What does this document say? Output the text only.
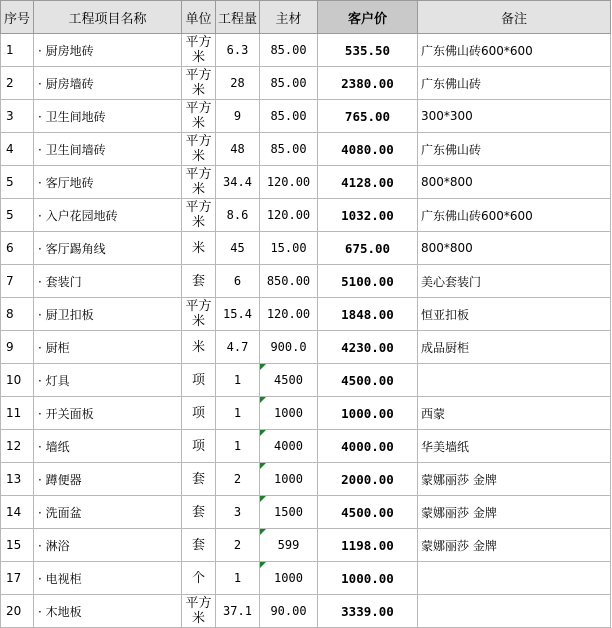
序号	工程项目名称	单位	工程量	主材	客户价	备注
1	· 厨房地砖	平方米	6.3	85.00	535.50	广东佛山砖600*600
2	· 厨房墙砖	平方米	28	85.00	2380.00	广东佛山砖
3	· 卫生间地砖	平方米	9	85.00	765.00	300*300
4	· 卫生间墙砖	平方米	48	85.00	4080.00	广东佛山砖
5	· 客厅地砖	平方米	34.4	120.00	4128.00	800*800
5	· 入户花园地砖	平方米	8.6	120.00	1032.00	广东佛山砖600*600
6	· 客厅踢角线	米	45	15.00	675.00	800*800
7	· 套装门	套	6	850.00	5100.00	美心套装门
8	· 厨卫扣板	平方米	15.4	120.00	1848.00	恒亚扣板
9	· 厨柜	米	4.7	900.0	4230.00	成品厨柜
10	· 灯具	项	1	4500	4500.00	
11	· 开关面板	项	1	1000	1000.00	西蒙
12	· 墙纸	项	1	4000	4000.00	华美墙纸
13	· 蹲便器	套	2	1000	2000.00	蒙娜丽莎 金牌
14	· 洗面盆	套	3	1500	4500.00	蒙娜丽莎 金牌
15	· 淋浴	套	2	599	1198.00	蒙娜丽莎 金牌
17	· 电视柜	个	1	1000	1000.00	
20	· 木地板	平方米	37.1	90.00	3339.00	
